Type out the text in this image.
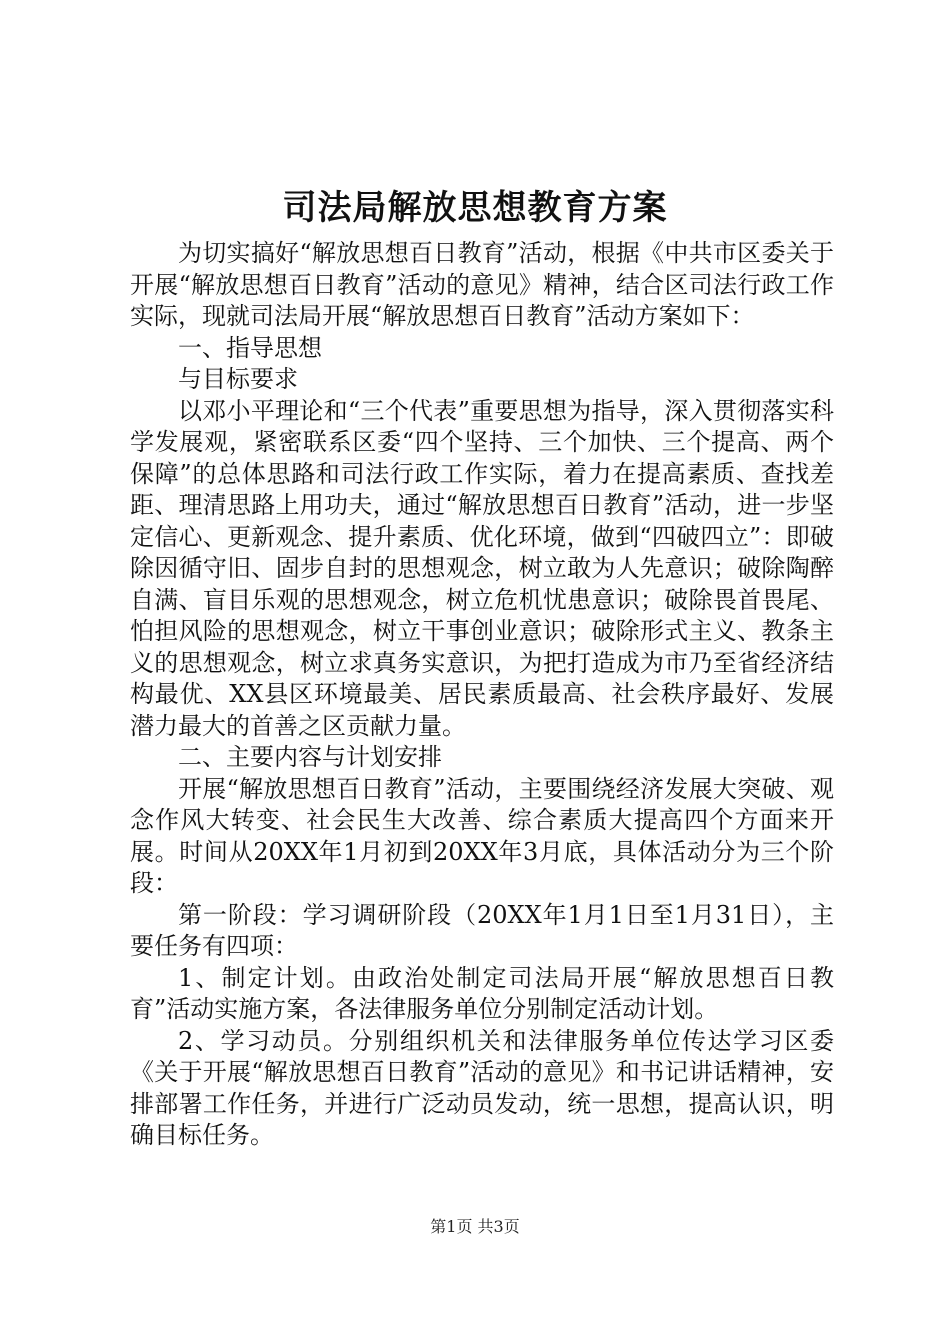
司法局解放思想教育方案

为切实搞好“解放思想百日教育”活动，根据《中共市区委关于开展“解放思想百日教育”活动的意见》精神，结合区司法行政工作实际，现就司法局开展“解放思想百日教育”活动方案如下：

一、指导思想

与目标要求

以邓小平理论和“三个代表”重要思想为指导，深入贯彻落实科学发展观，紧密联系区委“四个坚持、三个加快、三个提高、两个保障”的总体思路和司法行政工作实际，着力在提高素质、查找差距、理清思路上用功夫，通过“解放思想百日教育”活动，进一步坚定信心、更新观念、提升素质、优化环境，做到“四破四立”：即破除因循守旧、固步自封的思想观念，树立敢为人先意识；破除陶醉自满、盲目乐观的思想观念，树立危机忧患意识；破除畏首畏尾、怕担风险的思想观念，树立干事创业意识；破除形式主义、教条主义的思想观念，树立求真务实意识，为把打造成为市乃至省经济结构最优、XX县区环境最美、居民素质最高、社会秩序最好、发展潜力最大的首善之区贡献力量。

二、主要内容与计划安排

开展“解放思想百日教育”活动，主要围绕经济发展大突破、观念作风大转变、社会民生大改善、综合素质大提高四个方面来开展。时间从20XX年1月初到20XX年3月底，具体活动分为三个阶段：

第一阶段：学习调研阶段（20XX年1月1日至1月31日），主要任务有四项：

1、制定计划。由政治处制定司法局开展“解放思想百日教育”活动实施方案，各法律服务单位分别制定活动计划。

2、学习动员。分别组织机关和法律服务单位传达学习区委《关于开展“解放思想百日教育”活动的意见》和书记讲话精神，安排部署工作任务，并进行广泛动员发动，统一思想，提高认识，明确目标任务。

第1页 共3页
